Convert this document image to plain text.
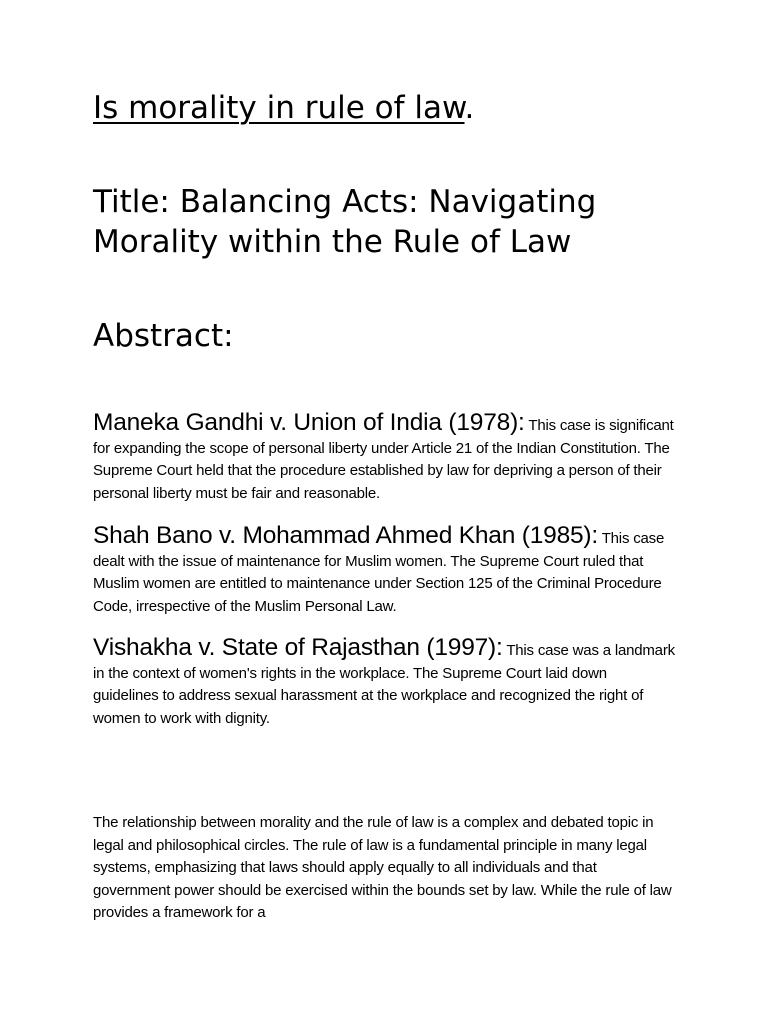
Is morality in rule of law.
Title: Balancing Acts: Navigating Morality within the Rule of Law
Abstract:

Maneka Gandhi v. Union of India (1978): This case is significant for expanding the scope of personal liberty under Article 21 of the Indian Constitution. The Supreme Court held that the procedure established by law for depriving a person of their personal liberty must be fair and reasonable.

Shah Bano v. Mohammad Ahmed Khan (1985): This case dealt with the issue of maintenance for Muslim women. The Supreme Court ruled that Muslim women are entitled to maintenance under Section 125 of the Criminal Procedure Code, irrespective of the Muslim Personal Law.

Vishakha v. State of Rajasthan (1997): This case was a landmark in the context of women's rights in the workplace. The Supreme Court laid down guidelines to address sexual harassment at the workplace and recognized the right of women to work with dignity.

The relationship between morality and the rule of law is a complex and debated topic in legal and philosophical circles. The rule of law is a fundamental principle in many legal systems, emphasizing that laws should apply equally to all individuals and that government power should be exercised within the bounds set by law. While the rule of law provides a framework for a
